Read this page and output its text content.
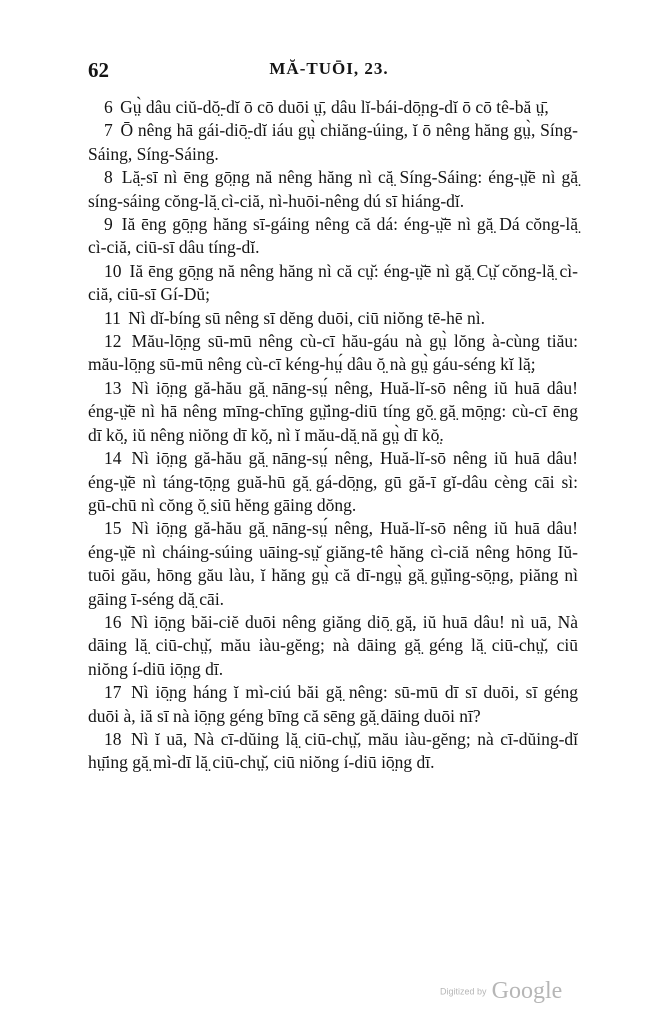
62	MĂ-TUŌI, 23.

6 Gṳ̀ dâu ciŭ-dŏ̤-dĭ ō cō duōi ṳ̄, dâu lĭ-bái-dō̤ng-dĭ ō cō tê-bă ṳ̄,

7 Ō nêng hā gái-diō̤-dĭ iáu gṳ̀ chiăng-úing, ĭ ō nêng hăng gṳ̀, Síng-Sáing, Síng-Sáing.

8 Lă̤-sī nì ēng gō̤ng nă nêng hăng nì că̤ Síng-Sáing: éng-ṳ̆ē nì gă̤ síng-sáing cŏng-lă̤ cì-ciă, nì-huōi-nêng dú sī hiáng-dĭ.

9 Iă ēng gō̤ng hăng sī-gáing nêng că dá: éng-ṳ̆ē nì gă̤ Dá cŏng-lă̤ cì-ciă, ciū-sī dâu tíng-dĭ.

10 Iă ēng gō̤ng nă nêng hăng nì că cṳ̆: éng-ṳ̆ē nì gă̤ Cṳ̆ cŏng-lă̤ cì-ciă, ciū-sī Gí-Dŭ;

11 Nì dĭ-bíng sū nêng sī dĕng duōi, ciū niŏng tē-hē nì.

12 Mău-lō̤ng sū-mū nêng cù-cī hău-gáu nà gṳ̀ lŏng à-cùng tiău: mău-lō̤ng sū-mū nêng cù-cī kéng-hṳ́ dâu ŏ̤ nà gṳ̀ gáu-séng kĭ lă̤;

13 Nì iō̤ng gă-hău gă̤ nāng-sṳ́ nêng, Huă-lĭ-sō nêng iŭ huā dâu! éng-ṳ̆ē nì hā nêng mīng-chīng gṳ̆ing-diū tíng gŏ̤ gă̤ mō̤ng: cù-cī ēng dī kŏ̤, iŭ nêng niŏng dī kŏ̤, nì ĭ mău-dă̤ nă gṳ̀ dī kŏ̤.

14 Nì iō̤ng gă-hău gă̤ nāng-sṳ́ nêng, Huă-lĭ-sō nêng iŭ huā dâu! éng-ṳ̆ē nì táng-tō̤ng guă-hū gă̤ gá-dō̤ng, gū gă-ī gĭ-dâu cèng cāi sì: gū-chū nì cŏng ŏ̤ siū hĕng gāing dŏng.

15 Nì iō̤ng gă-hău gă̤ nāng-sṳ́ nêng, Huă-lĭ-sō nêng iŭ huā dâu! éng-ṳ̆ē nì cháing-súing uāing-sṳ̆ giăng-tê hăng cì-ciă nêng hōng Iŭ-tuōi gău, hōng gău làu, ĭ hăng gṳ̀ că dī-ngṳ̀ gă̤ gṳ̆ing-sō̤ng, piăng nì gāing ī-séng dă̤ cāi.

16 Nì iō̤ng băi-ciĕ duōi nêng giăng diō̤ gă̤, iŭ huā dâu! nì uā, Nà dāing lă̤ ciū-chṳ̆, mău iàu-gĕng; nà dāing gă̤ géng lă̤ ciū-chṳ̆, ciū niŏng í-diū iō̤ng dī.

17 Nì iō̤ng háng ĭ mì-ciú băi gă̤ nêng: sū-mū dī sī duōi, sī géng duōi à, iă sī nà iō̤ng géng bīng că sēng gă̤ dāing duōi nī?

18 Nì ĭ uā, Nà cī-dŭing lă̤ ciū-chṳ̆, mău iàu-gĕng; nà cī-dŭing-dĭ hṳ̄ing gă̤ mì-dī lă̤ ciū-chṳ̆, ciū niŏng í-diū iō̤ng dī.

Digitized by Google
